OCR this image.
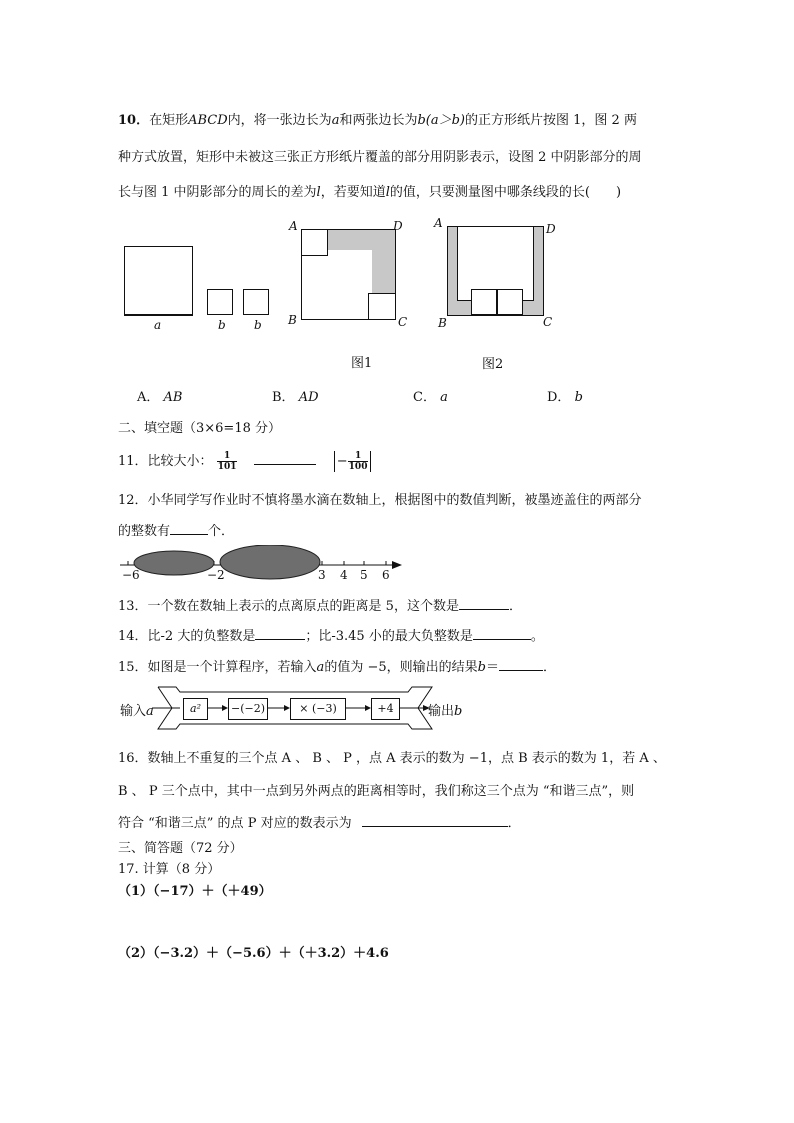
10．在矩形ABCD内，将一张边长为a和两张边长为b(a＞b)的正方形纸片按图 1，图 2 两
种方式放置，矩形中未被这三张正方形纸片覆盖的部分用阴影表示，设图 2 中阴影部分的周
长与图 1 中阴影部分的周长的差为l，若要知道l的值，只要测量图中哪条线段的长(　　)
a	b b
A	D
B	C
图1
A	D
B	C
图2
A． AB	B． AD	C． a	D． b
二、填空题（3×6=18 分）
11．比较大小： $\frac{1}{101}$	− $\frac{1}{100}$
12．小华同学写作业时不慎将墨水滴在数轴上，根据图中的数值判断，被墨迹盖住的两部分
的整数有	个．
−6	−2	3 4 5 6
13．一个数在数轴上表示的点离原点的距离是 5，这个数是	．
14．比-2 大的负整数是	；比-3.45 小的最大负整数是	。
15．如图是一个计算程序，若输入a的值为 −5，则输出的结果b＝	．
a²	−(−2)	× (−3)	+4
输入a	输出b
16．数轴上不重复的三个点 A 、 B 、 P ，点 A 表示的数为 −1，点 B 表示的数为 1，若 A 、
B 、 P 三个点中，其中一点到另外两点的距离相等时，我们称这三个点为 “和谐三点”，则
符合 “和谐三点” 的点 P 对应的数表示为	．
三、简答题（72 分）
17. 计算（8 分）
（1）（−17）＋（＋49）
（2）（−3.2）＋（−5.6）＋（＋3.2）＋4.6
